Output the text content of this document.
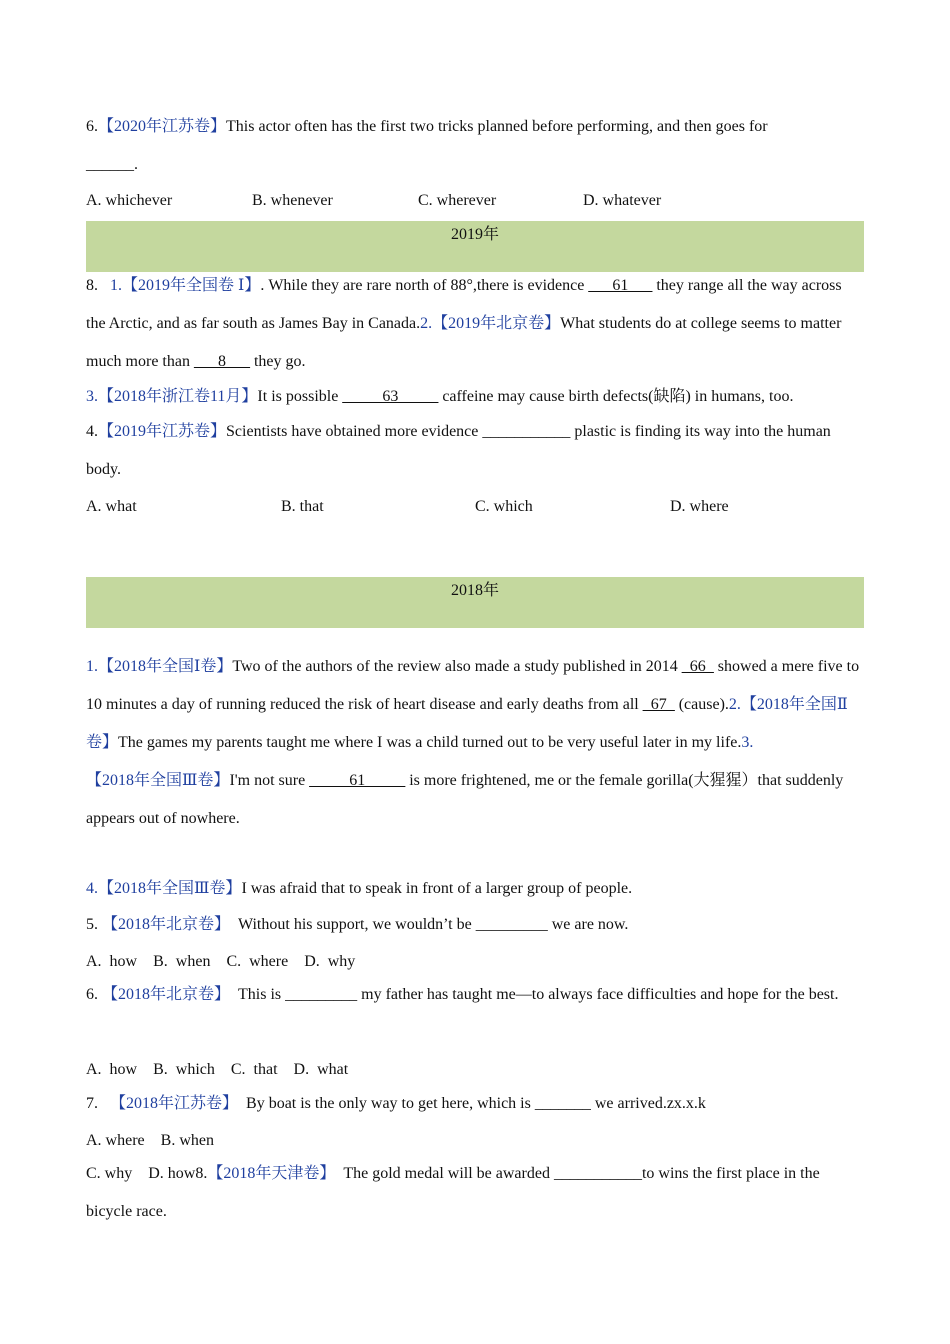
6.【2020年江苏卷】This actor often has the first two tricks planned before performing, and then goes for
______.
A. whichever	B. whenever	C. wherever	D. whatever
2019年
8. 1.【2019年全国卷 Ⅰ】. While they are rare north of 88°,there is evidence ___61___ they range all the way across the Arctic, and as far south as James Bay in Canada.2.【2019年北京卷】What students do at college seems to matter much more than ___8___ they go.
3.【2018年浙江卷11月】It is possible _____63_____ caffeine may cause birth defects(缺陷) in humans, too.
4.【2019年江苏卷】Scientists have obtained more evidence ___________ plastic is finding its way into the human body.
A. what	B. that	C. which	D. where
2018年
1.【2018年全国Ⅰ卷】Two of the authors of the review also made a study published in 2014 _66_ showed a mere five to 10 minutes a day of running reduced the risk of heart disease and early deaths from all _67_ (cause).2.【2018年全国Ⅱ卷】The games my parents taught me where I was a child turned out to be very useful later in my life.3.
【2018年全国Ⅲ卷】I'm not sure _____61_____ is more frightened, me or the female gorilla(大猩猩）that suddenly appears out of nowhere.
4.【2018年全国Ⅲ卷】I was afraid that to speak in front of a larger group of people.
5. 【2018年北京卷】 Without his support, we wouldn’t be _________ we are now.
A.  how    B.  when    C.  where    D.  why
6. 【2018年北京卷】 This is _________ my father has taught me—to always face difficulties and hope for the best.
A.  how    B.  which    C.  that    D.  what
7. 【2018年江苏卷】 By boat is the only way to get here, which is _______ we arrived.zx.x.k
A. where    B. when
C. why    D. how8.【2018年天津卷】 The gold medal will be awarded ___________to wins the first place in the bicycle race.
